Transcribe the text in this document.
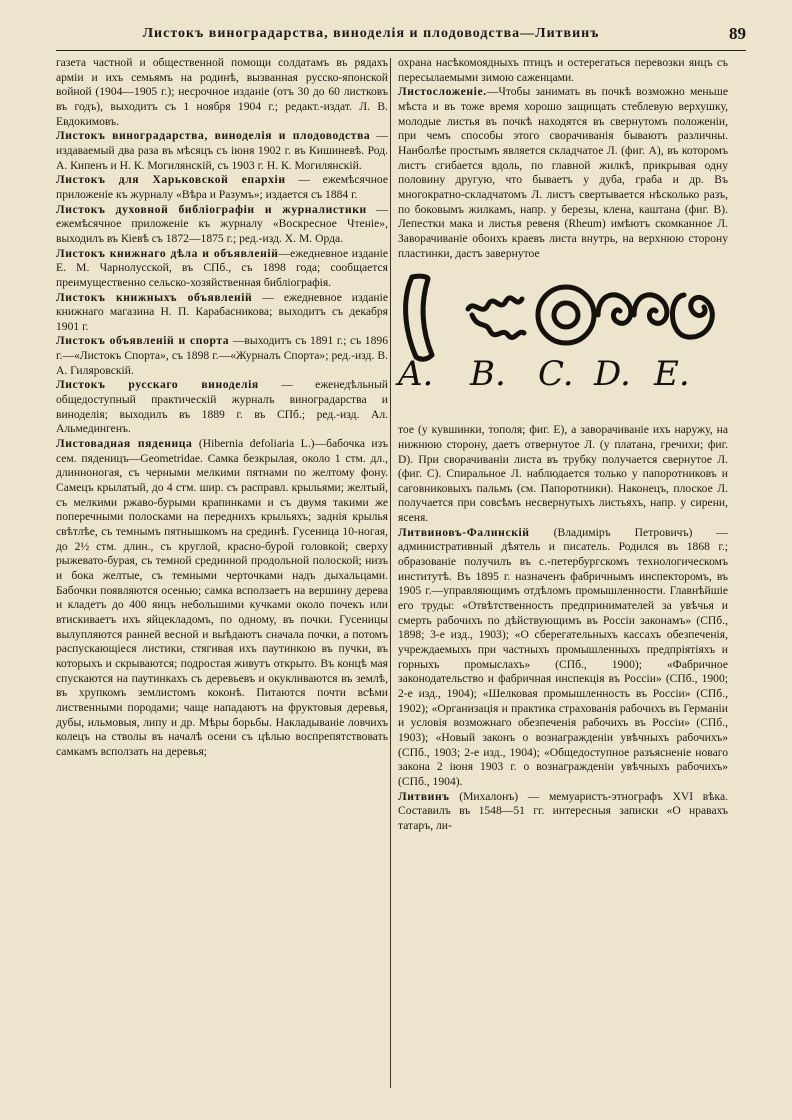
Листокъ виноградарства, виноделія и плодоводства—Литвинъ	89

газета частной и общественной помощи солдатамъ въ рядахъ арміи и ихъ семьямъ на родинѣ, вызванная русско-японской войной (1904—1905 г.); несрочное изданіе (отъ 30 до 60 листковъ въ годъ), выходитъ съ 1 ноября 1904 г.; редакт.-издат. Л. В. Евдокимовъ.

Листокъ виноградарства, виноделія и плодоводства — издаваемый два раза въ мѣсяцъ съ іюня 1902 г. въ Кишиневѣ. Род. А. Кипенъ и Н. К. Могилянскій, съ 1903 г. Н. К. Могилянскій.

Листокъ для Харьковской епархіи — ежемѣсячное приложеніе къ журналу «Вѣра и Разумъ»; издается съ 1884 г.

Листокъ духовной библіографіи и журналистики — ежемѣсячное приложеніе къ журналу «Воскресное Чтеніе», выходилъ въ Кіевѣ съ 1872—1875 г.; ред.-изд. Х. М. Орда.

Листокъ книжнаго дѣла и объявленій—ежедневное изданіе Е. М. Чарнолусской, въ СПб., съ 1898 года; сообщается преимущественно сельско-хозяйственная библіографія.

Листокъ книжныхъ объявленій — ежедневное изданіе книжнаго магазина Н. П. Карабасникова; выходитъ съ декабря 1901 г.

Листокъ объявленій и спорта —выходитъ съ 1891 г.; съ 1896 г.—«Листокъ Спорта», съ 1898 г.—«Журналъ Спорта»; ред.-изд. В. А. Гиляровскій.

Листокъ русскаго виноделія — еженедѣльный общедоступный практическій журналъ виноградарства и виноделія; выходилъ въ 1889 г. въ СПб.; ред.-изд. Ал. Альмедингенъ.

Листовадная пяденица (Hibernia defoliaria L.)—бабочка изъ сем. пяденицъ—Geometridae. Самка безкрылая, около 1 стм. дл., длинноногая, съ черными мелкими пятнами по желтому фону. Самецъ крылатый, до 4 стм. шир. съ расправл. крыльями; желтый, съ мелкими ржаво-бурыми крапинками и съ двумя такими же поперечными полосками на переднихъ крыльяхъ; заднія крылья свѣтлѣе, съ темнымъ пятнышкомъ на срединѣ. Гусеница 10-ногая, до 2½ стм. длин., съ круглой, красно-бурой головкой; сверху рыжевато-бурая, съ темной срединной продольной полоской; низъ и бока желтые, съ темными черточками надъ дыхальцами. Бабочки появляются осенью; самка всползаетъ на вершину дерева и кладетъ до 400 яицъ небольшими кучками около почекъ или втискиваетъ ихъ яйцекладомъ, по одному, въ почки. Гусеницы вылупляются ранней весной и выѣдаютъ сначала почки, а потомъ распускающіеся листики, стягивая ихъ паутинкою въ пучки, въ которыхъ и скрываются; подростая живутъ открыто. Въ концѣ мая спускаются на паутинкахъ съ деревьевъ и окукливаются въ землѣ, въ хрупкомъ землистомъ коконѣ. Питаются почти всѣми лиственными породами; чаще нападаютъ на фруктовыя деревья, дубы, ильмовыя, липу и др. Мѣры борьбы. Накладываніе ловчихъ колецъ на стволы въ началѣ осени съ цѣлью воспрепятствовать самкамъ всползать на деревья;

охрана насѣкомоядныхъ птицъ и остерегаться перевозки яицъ съ пересылаемыми зимою саженцами.

Листосложеніе.—Чтобы занимать въ почкѣ возможно меньше мѣста и въ тоже время хорошо защищать стеблевую верхушку, молодые листья въ почкѣ находятся въ свернутомъ положеніи, при чемъ способы этого сворачиванія бываютъ различны. Наиболѣе простымъ является складчатое Л. (фиг. A), въ которомъ листъ сгибается вдоль, по главной жилкѣ, прикрывая одну половину другую, что бываетъ у дуба, граба и др. Въ многократно-складчатомъ Л. листъ свертывается нѣсколько разъ, по боковымъ жилкамъ, напр. у березы, клена, каштана (фиг. B). Лепестки мака и листья ревеня (Rheum) имѣютъ скомканное Л. Заворачиваніе обоихъ краевъ листа внутрь, на верхнюю сторону пластинки, дастъ завернутое

A. B. C. D. E.

тое (у кувшинки, тополя; фиг. E), а заворачиваніе ихъ наружу, на нижнюю сторону, даетъ отвернутое Л. (у платана, гречихи; фиг. D). При сворачиваніи листа въ трубку получается свернутое Л. (фиг. C). Спиральное Л. наблюдается только у папоротниковъ и саговниковыхъ пальмъ (см. Папоротники). Наконецъ, плоское Л. получается при совсѣмъ несвернутыхъ листьяхъ, напр. у сирени, ясеня.

Литвиновъ-Фалинскій (Владиміръ Петровичъ) — административный дѣятель и писатель. Родился въ 1868 г.; образованіе получилъ въ с.-петербургскомъ технологическомъ институтѣ. Въ 1895 г. назначенъ фабричнымъ инспекторомъ, въ 1905 г.—управляющимъ отдѣломъ промышленности. Главнѣйшіе его труды: «Отвѣтственность предпринимателей за увѣчья и смерть рабочихъ по дѣйствующимъ въ Россіи законамъ» (СПб., 1898; 3-е изд., 1903); «О сберегательныхъ кассахъ обезпеченія, учреждаемыхъ при частныхъ промышленныхъ предпріятіяхъ и горныхъ промыслахъ» (СПб., 1900); «Фабричное законодательство и фабричная инспекція въ Россіи» (СПб., 1900; 2-е изд., 1904); «Шелковая промышленность въ Россіи» (СПб., 1902); «Организація и практика страхованія рабочихъ въ Германіи и условія возможнаго обезпеченія рабочихъ въ Россіи» (СПб., 1903); «Новый законъ о вознагражденіи увѣчныхъ рабочихъ» (СПб., 1903; 2-е изд., 1904); «Общедоступное разъясненіе новаго закона 2 іюня 1903 г. о вознагражденіи увѣчныхъ рабочихъ» (СПб., 1904).

Литвинъ (Михалонъ) — мемуаристъ-этнографъ XVI вѣка. Составилъ въ 1548—51 гг. интересныя записки «О нравахъ татаръ, ли-
